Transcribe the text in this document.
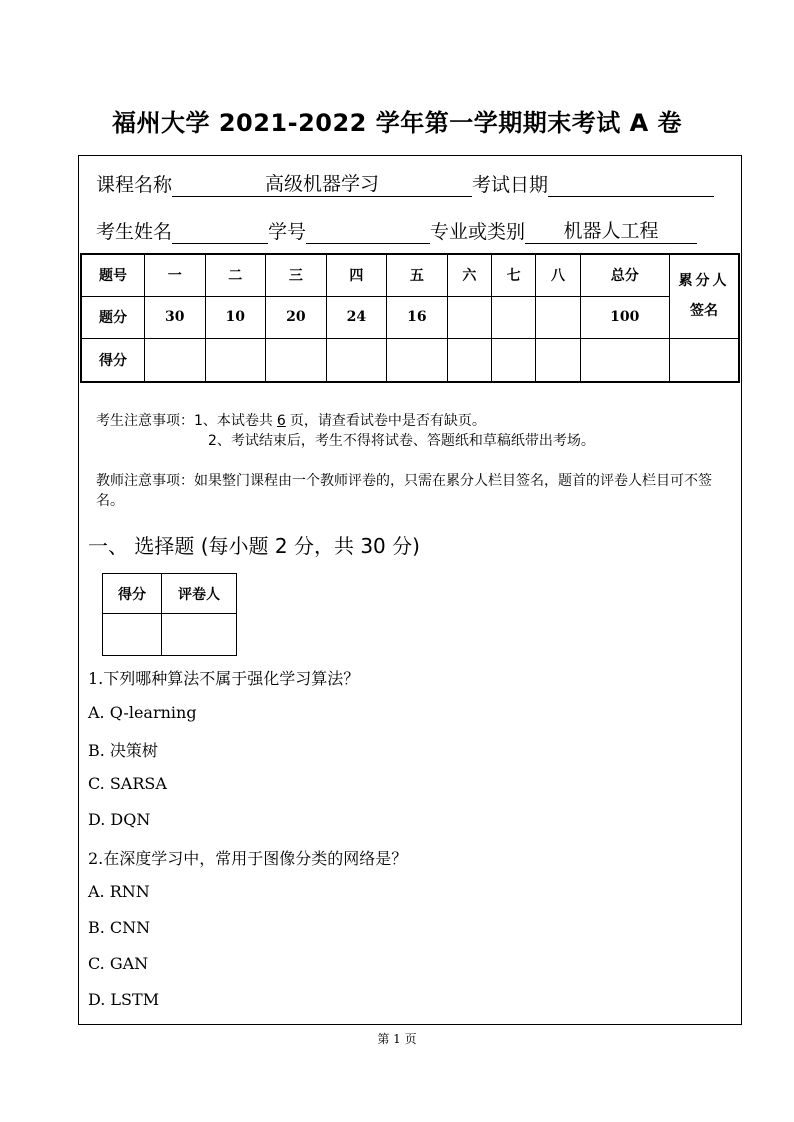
福州大学 2021-2022 学年第一学期期末考试 A 卷
课程名称	高级机器学习	考试日期
考生姓名	学号	专业或类别 机器人工程
题号	一	二	三	四	五	六	七	八	总分	累分人
签名

题分	30	10	20	24	16				100	
得分										
考生注意事项：1、本试卷共 6 页，请查看试卷中是否有缺页。
2、考试结束后，考生不得将试卷、答题纸和草稿纸带出考场。
教师注意事项：如果整门课程由一个教师评卷的，只需在累分人栏目签名，题首的评卷人栏目可不签名。
一、 选择题 (每小题 2 分，共 30 分)
得分	评卷人

1.下列哪种算法不属于强化学习算法？
A. Q-learning
B. 决策树
C. SARSA
D. DQN
2.在深度学习中，常用于图像分类的网络是？
A. RNN
B. CNN
C. GAN
D. LSTM
第 1 页
